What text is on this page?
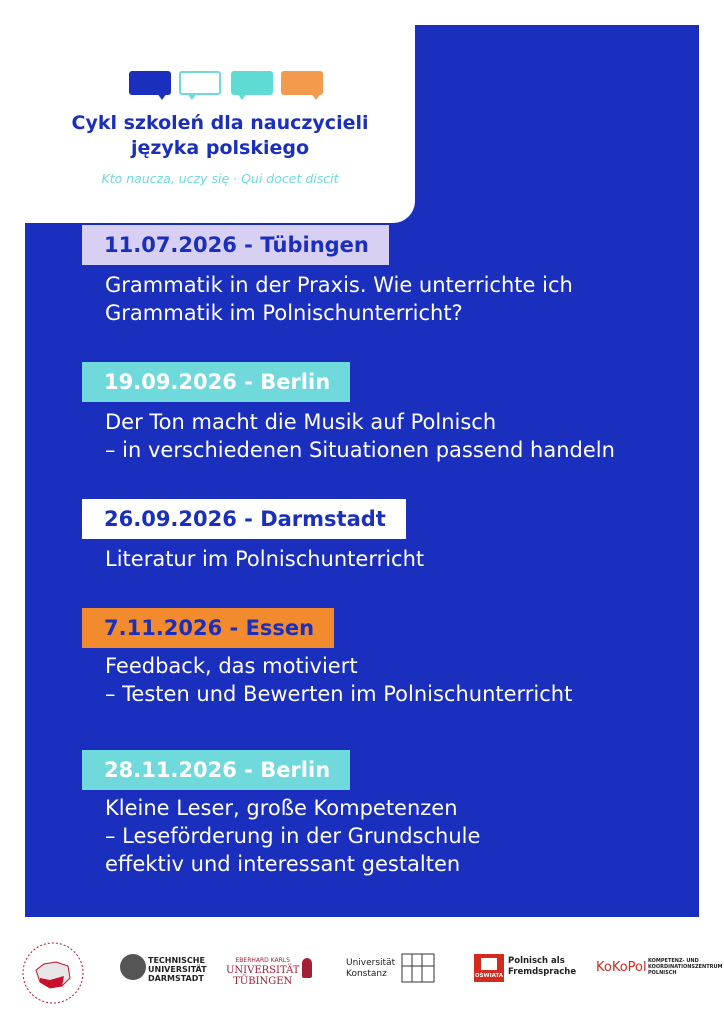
Cykl szkoleń dla nauczycieli
języka polskiego
Kto naucza, uczy się · Qui docet discit
11.07.2026 - Tübingen
Grammatik in der Praxis. Wie unterrichte ich
Grammatik im Polnischunterricht?
19.09.2026 - Berlin
Der Ton macht die Musik auf Polnisch
– in verschiedenen Situationen passend handeln
26.09.2026 - Darmstadt
Literatur im Polnischunterricht
7.11.2026 - Essen
Feedback, das motiviert
– Testen und Bewerten im Polnischunterricht
28.11.2026 - Berlin
Kleine Leser, große Kompetenzen
– Leseförderung in der Grundschule
effektiv und interessant gestalten
TECHNISCHE
UNIVERSITÄT
DARMSTADT
EBERHARD KARLS
UNIVERSITÄT
TÜBINGEN
Universität
Konstanz	OŚWIATA
Polnisch als
Fremdsprache KoKoPol KOMPETENZ- UND
KOORDINATIONSZENTRUM
POLNISCH
